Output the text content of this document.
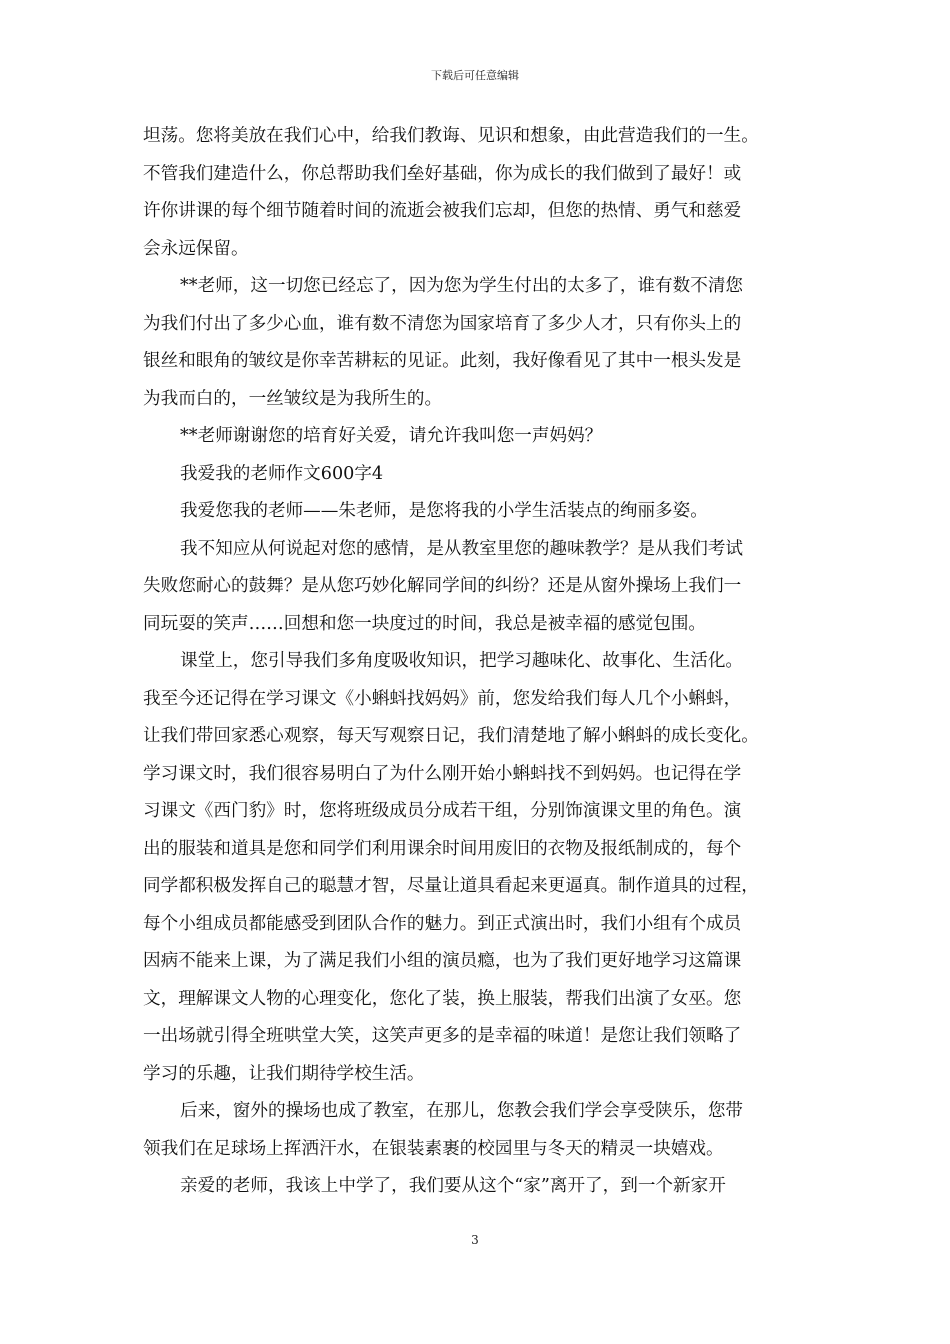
下载后可任意编辑
坦荡。您将美放在我们心中，给我们教诲、见识和想象，由此营造我们的一生。
不管我们建造什么，你总帮助我们垒好基础，你为成长的我们做到了最好！或
许你讲课的每个细节随着时间的流逝会被我们忘却，但您的热情、勇气和慈爱
会永远保留。
**老师，这一切您已经忘了，因为您为学生付出的太多了，谁有数不清您
为我们付出了多少心血，谁有数不清您为国家培育了多少人才，只有你头上的
银丝和眼角的皱纹是你幸苦耕耘的见证。此刻，我好像看见了其中一根头发是
为我而白的，一丝皱纹是为我所生的。
**老师谢谢您的培育好关爱，请允许我叫您一声妈妈？
我爱我的老师作文600字4
我爱您我的老师——朱老师，是您将我的小学生活装点的绚丽多姿。
我不知应从何说起对您的感情，是从教室里您的趣味教学？是从我们考试
失败您耐心的鼓舞？是从您巧妙化解同学间的纠纷？还是从窗外操场上我们一
同玩耍的笑声……回想和您一块度过的时间，我总是被幸福的感觉包围。
课堂上，您引导我们多角度吸收知识，把学习趣味化、故事化、生活化。
我至今还记得在学习课文《小蝌蚪找妈妈》前，您发给我们每人几个小蝌蚪，
让我们带回家悉心观察，每天写观察日记，我们清楚地了解小蝌蚪的成长变化。
学习课文时，我们很容易明白了为什么刚开始小蝌蚪找不到妈妈。也记得在学
习课文《西门豹》时，您将班级成员分成若干组，分别饰演课文里的角色。演
出的服装和道具是您和同学们利用课余时间用废旧的衣物及报纸制成的，每个
同学都积极发挥自己的聪慧才智，尽量让道具看起来更逼真。制作道具的过程，
每个小组成员都能感受到团队合作的魅力。到正式演出时，我们小组有个成员
因病不能来上课，为了满足我们小组的演员瘾，也为了我们更好地学习这篇课
文，理解课文人物的心理变化，您化了装，换上服装，帮我们出演了女巫。您
一出场就引得全班哄堂大笑，这笑声更多的是幸福的味道！是您让我们领略了
学习的乐趣，让我们期待学校生活。
后来，窗外的操场也成了教室，在那儿，您教会我们学会享受陕乐，您带
领我们在足球场上挥洒汗水，在银装素裹的校园里与冬天的精灵一块嬉戏。
亲爱的老师，我该上中学了，我们要从这个“家”离开了，到一个新家开
3
